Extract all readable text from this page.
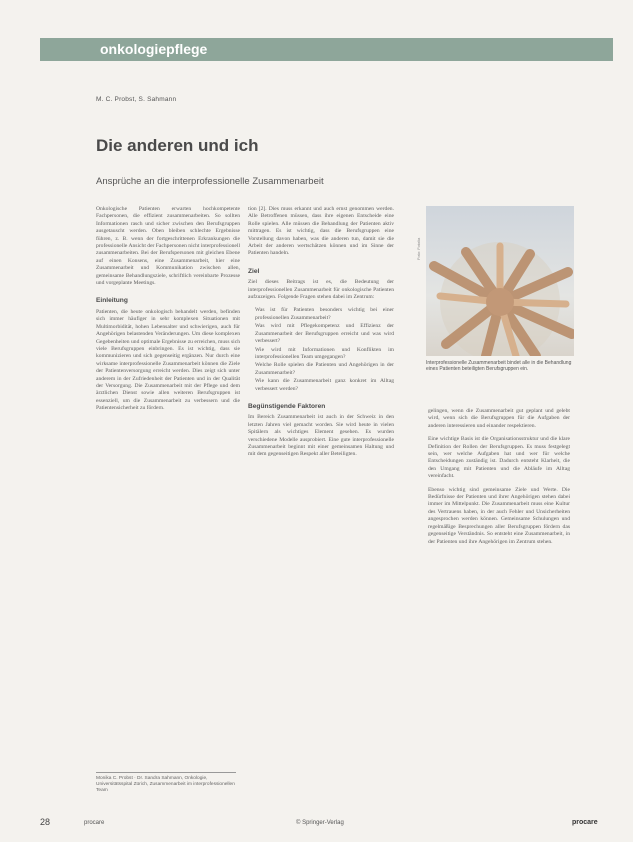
onkologiepflege
M. C. Probst, S. Sahmann
Die anderen und ich
Ansprüche an die interprofessionelle Zusammenarbeit

Onkologische Patienten erwarten hochkompetente Fachpersonen, die effizient zusammenarbeiten. So sollten Informationen rasch und sicher zwischen den Berufsgruppen ausgetauscht werden. Oben bleiben schlechte Ergebnisse führen, z. B. wenn der fortgeschrittenen Erkrankungen die professionelle Ansicht der Fachpersonen nicht interprofessionell zusammenarbeiten. Bei der Berufspersonen mit gleichen Ebene auf einen Konsens, eine Zusammenarbeit, hier eine Zusammenarbeit und Kommunikation zwischen allen, gemeinsame Behandlungsziele, schriftlich vereinbarte Prozesse und vorgeplante Meetings.

Einleitung

Patienten, die heute onkologisch behandelt werden, befinden sich immer häufiger in sehr komplexen Situationen mit Multimorbidität, hohen Lebensalter und schwierigen, auch für Angehörigen belastenden Veränderungen. Um diese komplexen Gegebenheiten und optimale Ergebnisse zu erreichen, muss sich viele Berufsgruppen einbringen. Es ist wichtig, dass sie kommunizieren und sich gegenseitig ergänzen. Nur durch eine wirksame interprofessionelle Zusammenarbeit können die Ziele der Patientenversorgung erreicht werden. Dies zeigt sich unter anderem in der Zufriedenheit der Patienten und in der Qualität der Versorgung. Die Zusammenarbeit mit der Pflege und dem ärztlichen Dienst sowie allen weiteren Berufsgruppen ist essenziell, um die Zusammenarbeit zu verbessern und die Patientensicherheit zu fördern.

tion [2]. Dies muss erkannt und auch ernst genommen werden. Alle Betroffenen müssen, dass ihre eigenen Entscheide eine Rolle spielen. Alle müssen die Behandlung der Patienten aktiv mittragen. Es ist wichtig, dass die Berufsgruppen eine Vorstellung davon haben, was die anderen tun, damit sie die Arbeit der anderen wertschätzen können und im Sinne der Patienten handeln.

Ziel

Ziel dieses Beitrags ist es, die Bedeutung der interprofessionellen Zusammenarbeit für onkologische Patienten aufzuzeigen. Folgende Fragen stehen dabei im Zentrum:

• Was ist für Patienten besonders wichtig bei einer professionellen Zusammenarbeit?
• Was wird mit Pflegekompetenz und Effizienz der Zusammenarbeit der Berufsgruppen erreicht und was wird verbessert?
• Wie wird mit Informationen und Konflikten im interprofessionellen Team umgegangen?
• Welche Rolle spielen die Patienten und Angehörigen in der Zusammenarbeit?
• Wie kann die Zusammenarbeit ganz konkret im Alltag verbessert werden?
Begünstigende Faktoren

Im Bereich Zusammenarbeit ist auch in der Schweiz in den letzten Jahren viel gemacht worden. Sie wird heute in vielen Spitälern als wichtiges Element gesehen. Es wurden verschiedene Modelle ausprobiert. Eine gute interprofessionelle Zusammenarbeit beginnt mit einer gemeinsamen Haltung und mit dem gegenseitigen Respekt aller Beteiligten.

Foto: Fotolia
Interprofessionelle Zusammenarbeit bindet alle in die Behandlung eines Patienten beteiligten Berufsgruppen ein.

gelingen, wenn die Zusammenarbeit gut geplant und gelebt wird, wenn sich die Berufsgruppen für die Aufgaben der anderen interessieren und einander respektieren.

Eine wichtige Basis ist die Organisationsstruktur und die klare Definition der Rollen der Berufsgruppen. Es muss festgelegt sein, wer welche Aufgaben hat und wer für welche Entscheidungen zuständig ist. Dadurch entsteht Klarheit, die den Umgang mit Patienten und die Abläufe im Alltag vereinfacht.

Ebenso wichtig sind gemeinsame Ziele und Werte. Die Bedürfnisse der Patienten und ihrer Angehörigen stehen dabei immer im Mittelpunkt. Die Zusammenarbeit muss eine Kultur des Vertrauens haben, in der auch Fehler und Unsicherheiten angesprochen werden können. Gemeinsame Schulungen und regelmäßige Besprechungen aller Berufsgruppen fördern das gegenseitige Verständnis. So entsteht eine Zusammenarbeit, in der Patienten und ihre Angehörigen im Zentrum stehen.

Monika C. Probst · Dr. Sandra Sahmann, Onkologie, Universitätsspital Zürich, Zusammenarbeit im interprofessionellen Team
28	procare	© Springer-Verlag	procare
